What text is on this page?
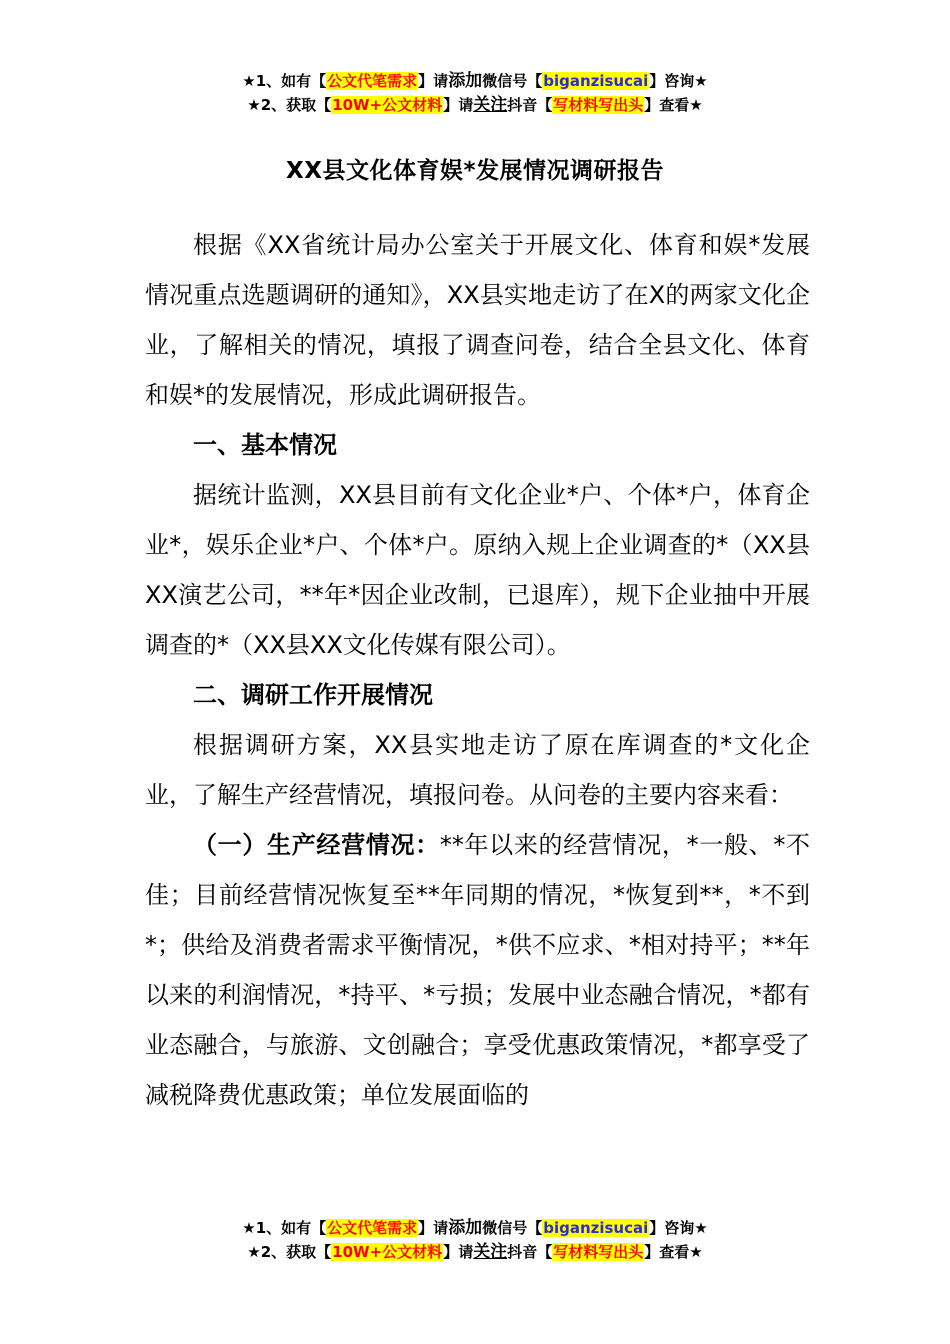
★1、如有【公文代笔需求】请添加微信号【biganzisucai】咨询★
★2、获取【10W+公文材料】请关注抖音【写材料写出头】查看★
XX县文化体育娱*发展情况调研报告

根据《XX省统计局办公室关于开展文化、体育和娱*发展情况重点选题调研的通知》，XX县实地走访了在X的两家文化企业，了解相关的情况，填报了调查问卷，结合全县文化、体育和娱*的发展情况，形成此调研报告。

一、基本情况

据统计监测，XX县目前有文化企业*户、个体*户，体育企业*，娱乐企业*户、个体*户。原纳入规上企业调查的*（XX县XX演艺公司，**年*因企业改制，已退库），规下企业抽中开展调查的*（XX县XX文化传媒有限公司）。

二、调研工作开展情况

根据调研方案，XX县实地走访了原在库调查的*文化企业，了解生产经营情况，填报问卷。从问卷的主要内容来看：

（一）生产经营情况：**年以来的经营情况，*一般、*不佳；目前经营情况恢复至**年同期的情况，*恢复到**，*不到*；供给及消费者需求平衡情况，*供不应求、*相对持平；**年以来的利润情况，*持平、*亏损；发展中业态融合情况，*都有业态融合，与旅游、文创融合；享受优惠政策情况，*都享受了减税降费优惠政策；单位发展面临的

★1、如有【公文代笔需求】请添加微信号【biganzisucai】咨询★
★2、获取【10W+公文材料】请关注抖音【写材料写出头】查看★
